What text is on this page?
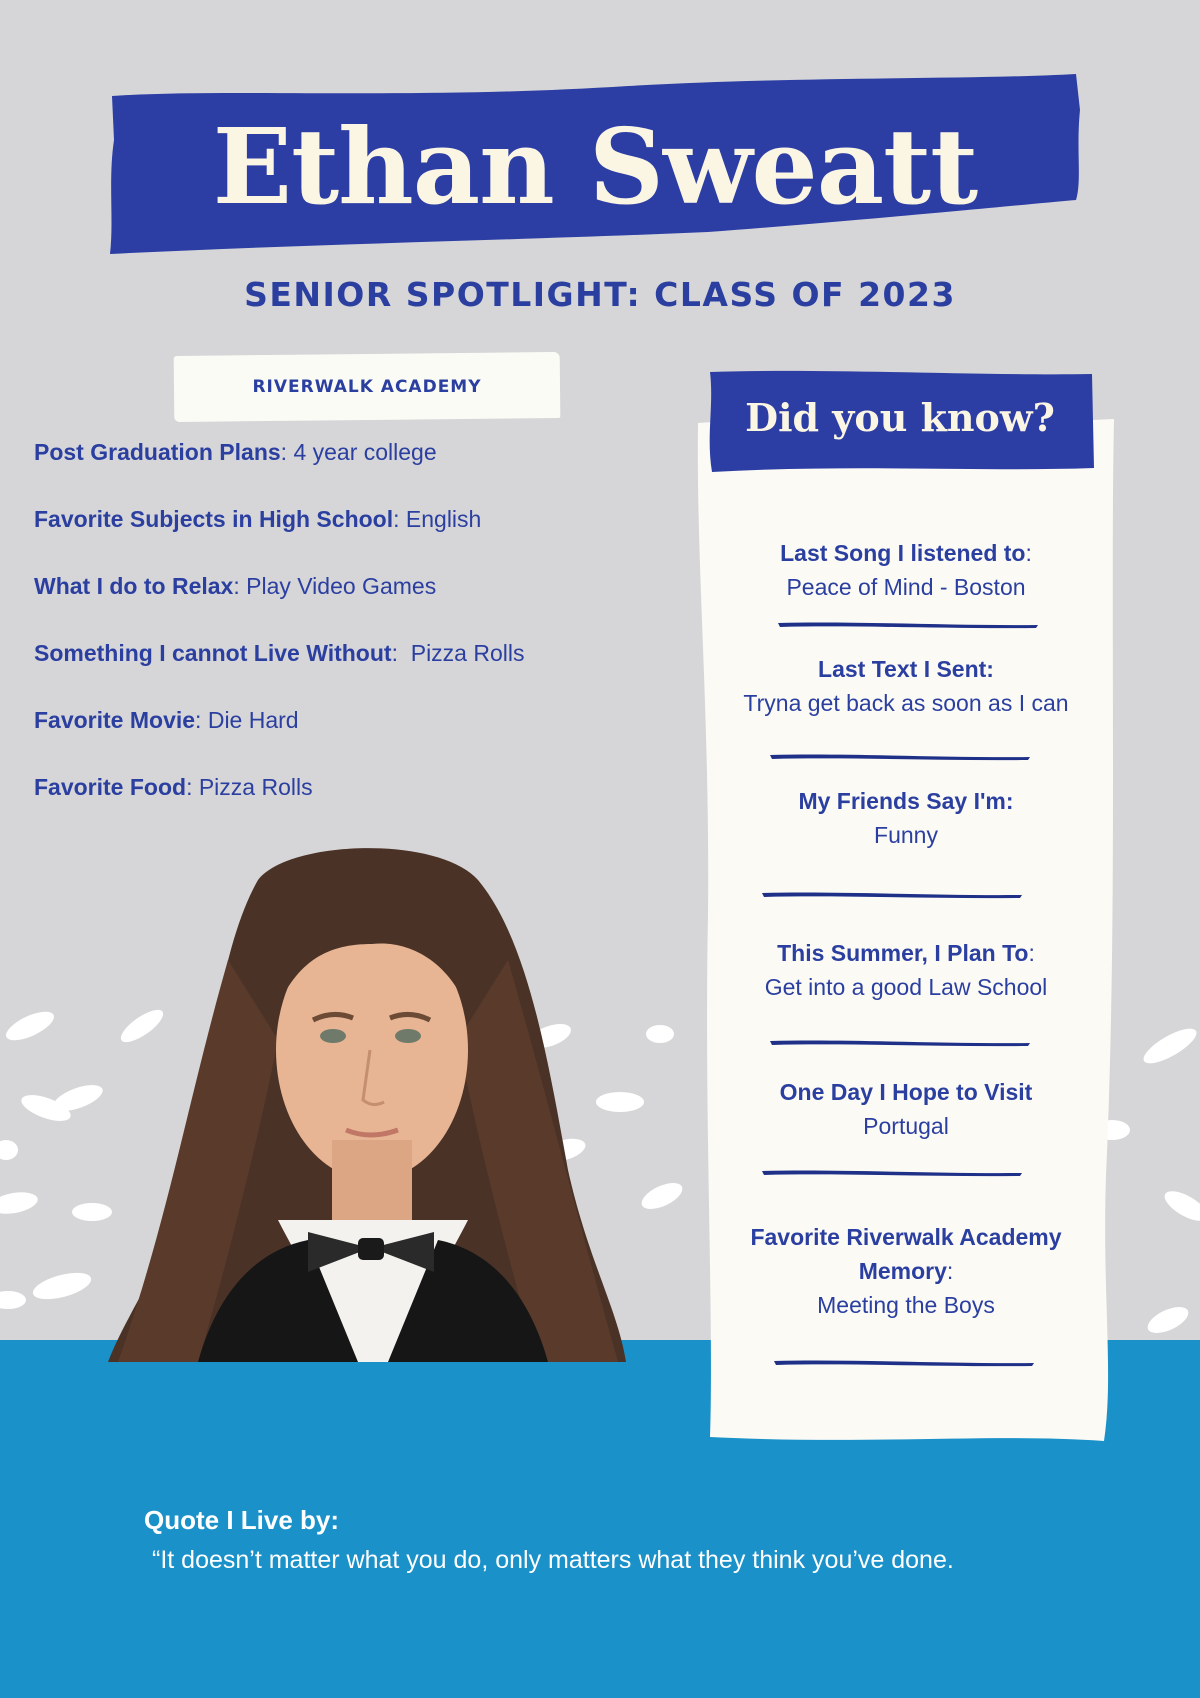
Ethan Sweatt
SENIOR SPOTLIGHT: CLASS OF 2023
RIVERWALK ACADEMY
Post Graduation Plans: 4 year college
Favorite Subjects in High School: English
What I do to Relax: Play Video Games
Something I cannot Live Without:  Pizza Rolls
Favorite Movie: Die Hard
Favorite Food: Pizza Rolls
Did you know?
Last Song I listened to:
Peace of Mind - Boston
Last Text I Sent:
Tryna get back as soon as I can
My Friends Say I'm:
Funny
This Summer, I Plan To:
Get into a good Law School
One Day I Hope to Visit
Portugal
Favorite Riverwalk Academy Memory:
Meeting the Boys
Quote I Live by:
“It doesn’t matter what you do, only matters what they think you’ve done.
